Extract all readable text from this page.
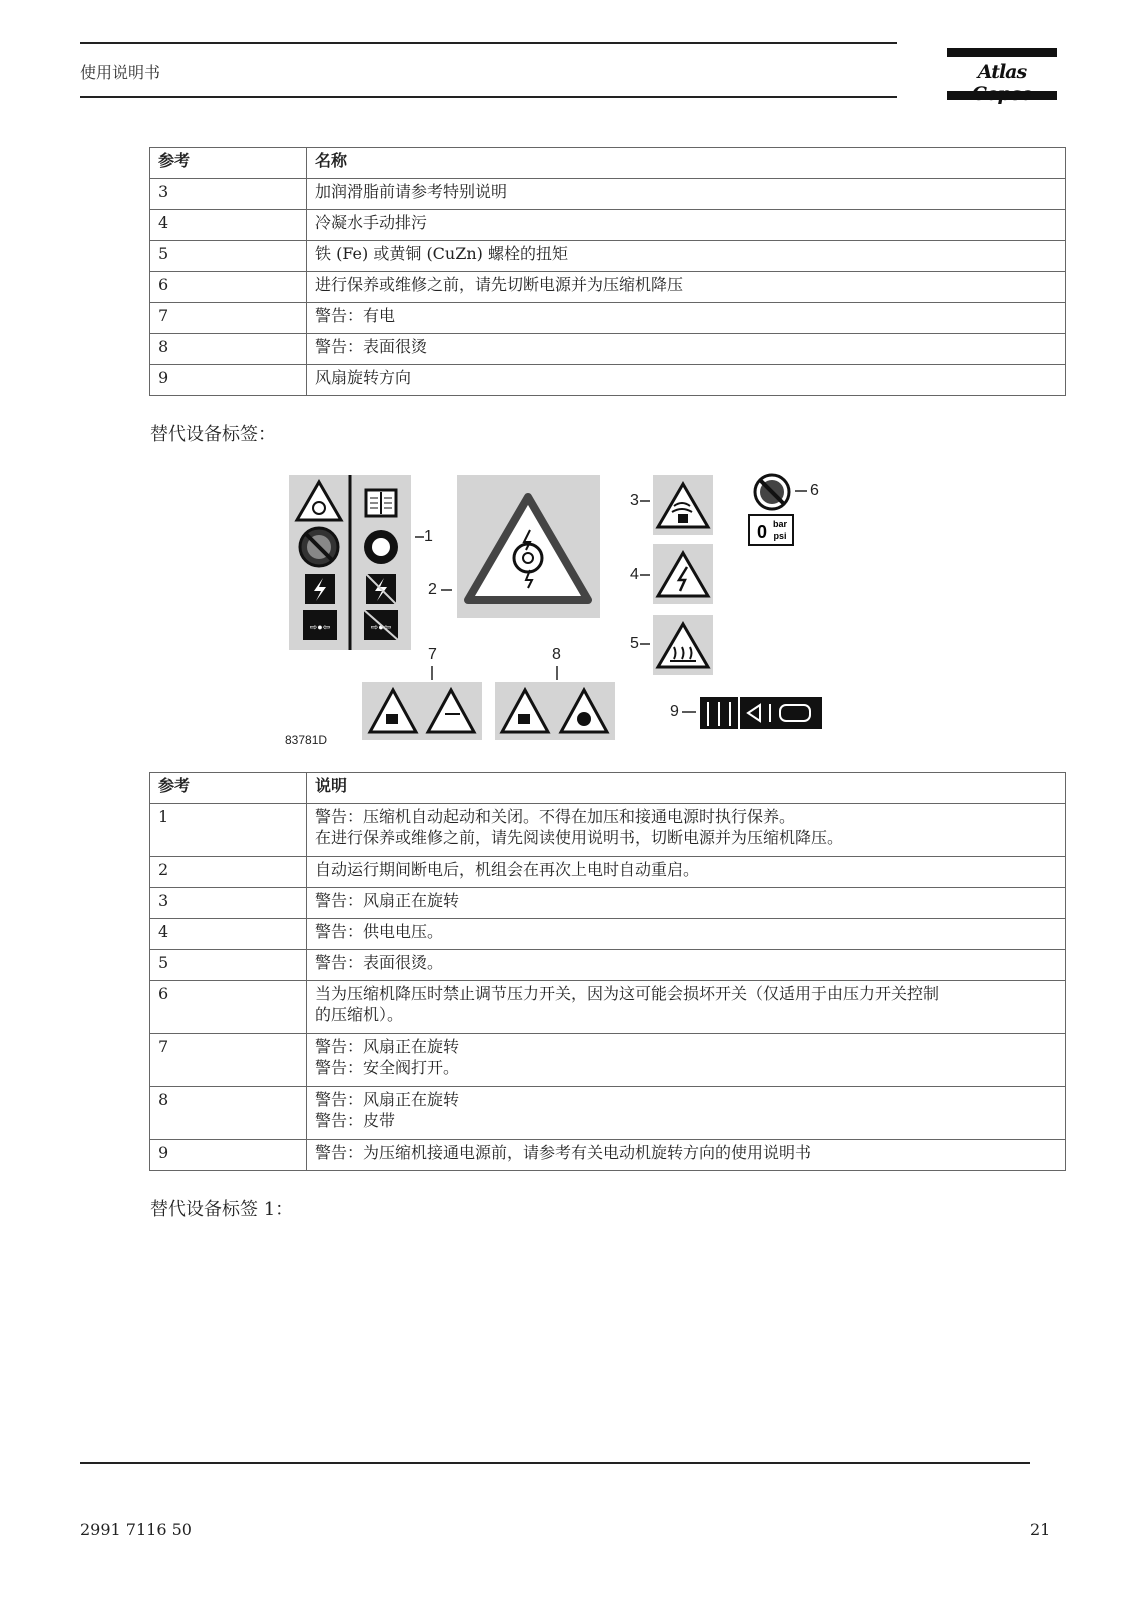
使用说明书	Atlas
参考	名称
3	加润滑脂前请参考特别说明
4	冷凝水手动排污
5	铁 (Fe) 或黄铜 (CuZn) 螺栓的扭矩
6	进行保养或维修之前，请先切断电源并为压缩机降压
7	警告：有电
8	警告：表面很烫
9	风扇旋转方向
替代设备标签：
⇨●⇦	⇨●⇦
0 bar
psi
1
2
3
4
5
6
7	8
9
83781D
参考	说明
1	警告：压缩机自动起动和关闭。不得在加压和接通电源时执行保养。
在进行保养或维修之前，请先阅读使用说明书，切断电源并为压缩机降压。

2	自动运行期间断电后，机组会在再次上电时自动重启。

3	警告：风扇正在旋转

4	警告：供电电压。

5	警告：表面很烫。

6	当为压缩机降压时禁止调节压力开关，因为这可能会损坏开关（仅适用于由压力开关控制
的压缩机）。

7	警告：风扇正在旋转
警告：安全阀打开。

8	警告：风扇正在旋转
警告：皮带

9	警告：为压缩机接通电源前，请参考有关电动机旋转方向的使用说明书
替代设备标签 1：
2991 7116 50	21
